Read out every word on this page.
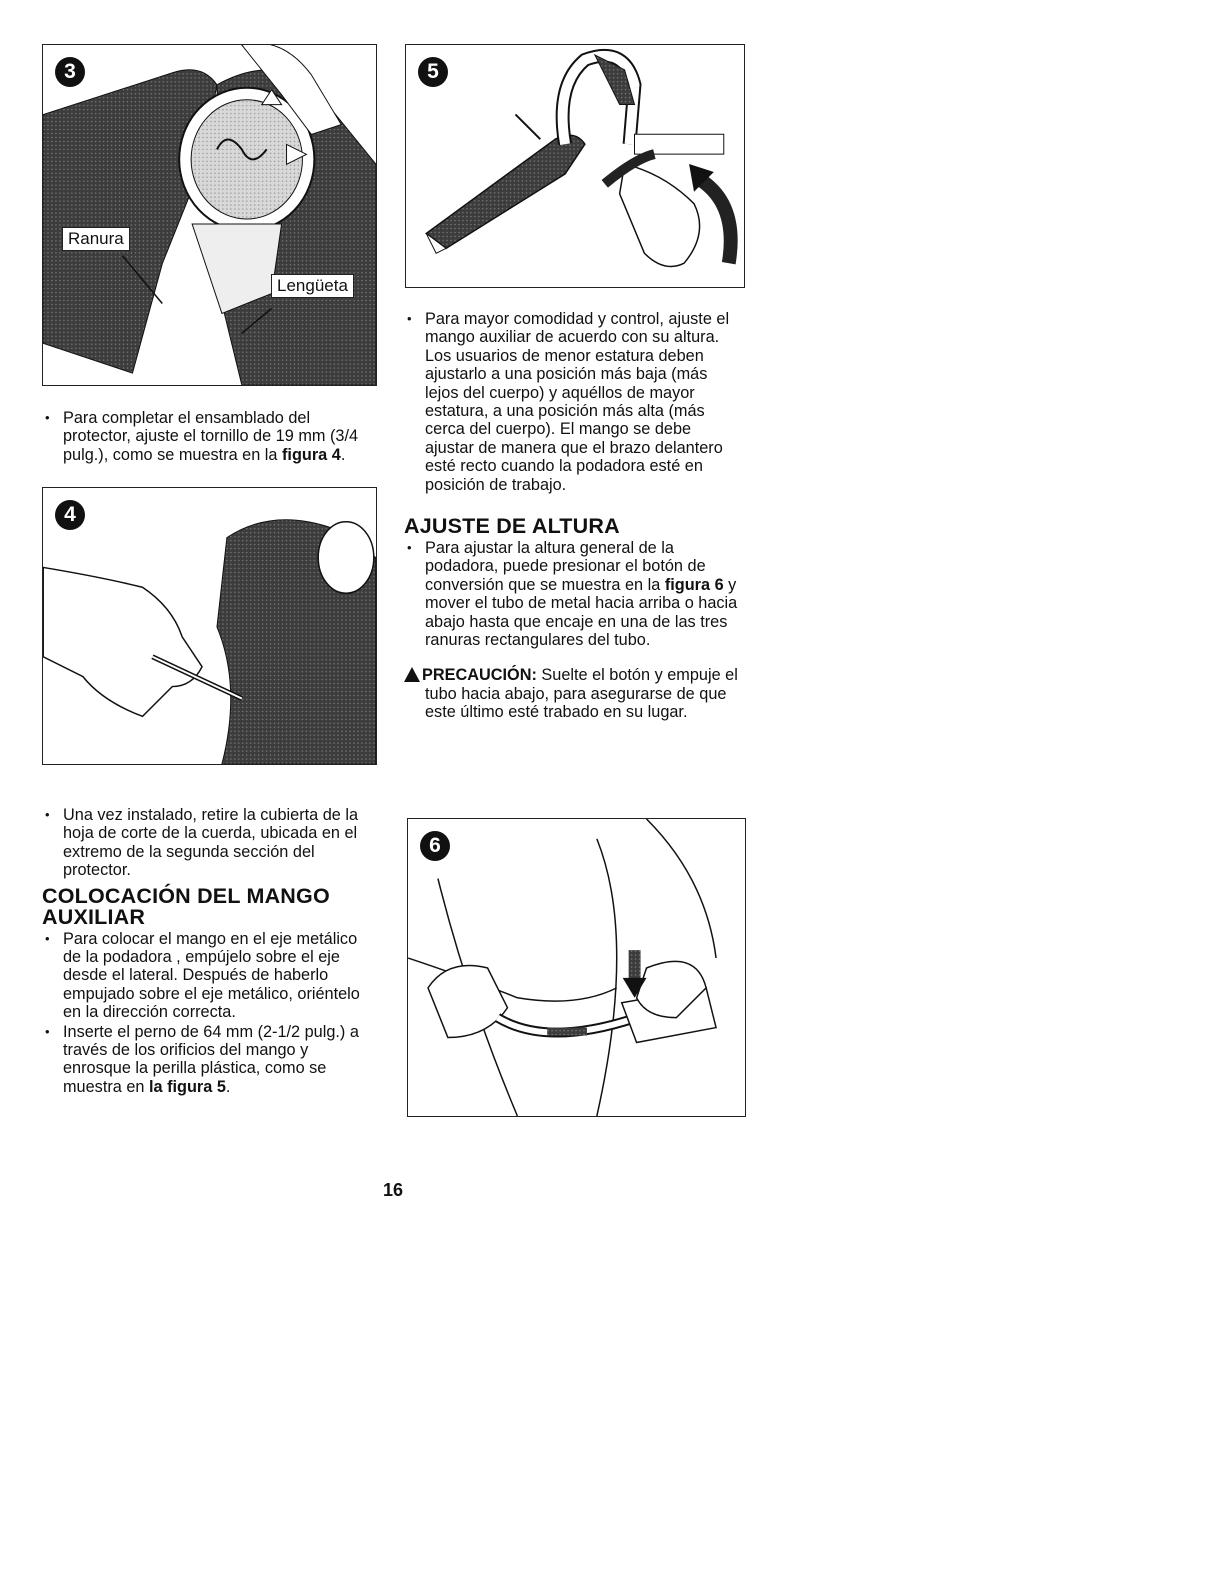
3
Ranura
Lengüeta
4
5
6
• Para completar el ensamblado del protector, ajuste el tornillo de 19 mm (3/4 pulg.), como se muestra en la figura 4.
• Una vez instalado, retire la cubierta de la hoja de corte de la cuerda, ubicada en el extremo de la segunda sección del protector.
COLOCACIÓN DEL MANGO AUXILIAR
• Para colocar el mango en el eje metálico de la podadora , empújelo sobre el eje desde el lateral. Después de haberlo empujado sobre el eje metálico, oriéntelo en la dirección correcta.
• Inserte el perno de 64 mm (2-1/2 pulg.) a través de los orificios del mango y enrosque la perilla plástica, como se muestra en la figura 5.
• Para mayor comodidad y control, ajuste el mango auxiliar de acuerdo con su altura. Los usuarios de menor estatura deben ajustarlo a una posición más baja (más lejos del cuerpo) y aquéllos de mayor estatura, a una posición más alta (más cerca del cuerpo). El mango se debe ajustar de manera que el brazo delantero esté recto cuando la podadora esté en posición de trabajo.
AJUSTE DE ALTURA
• Para ajustar la altura general de la podadora, puede presionar el botón de conversión que se muestra en la figura 6 y mover el tubo de metal hacia arriba o hacia abajo hasta que encaje en una de las tres ranuras rectangulares del tubo.
PRECAUCIÓN: Suelte el botón y empuje el tubo hacia abajo, para asegurarse de que este último esté trabado en su lugar.
16
